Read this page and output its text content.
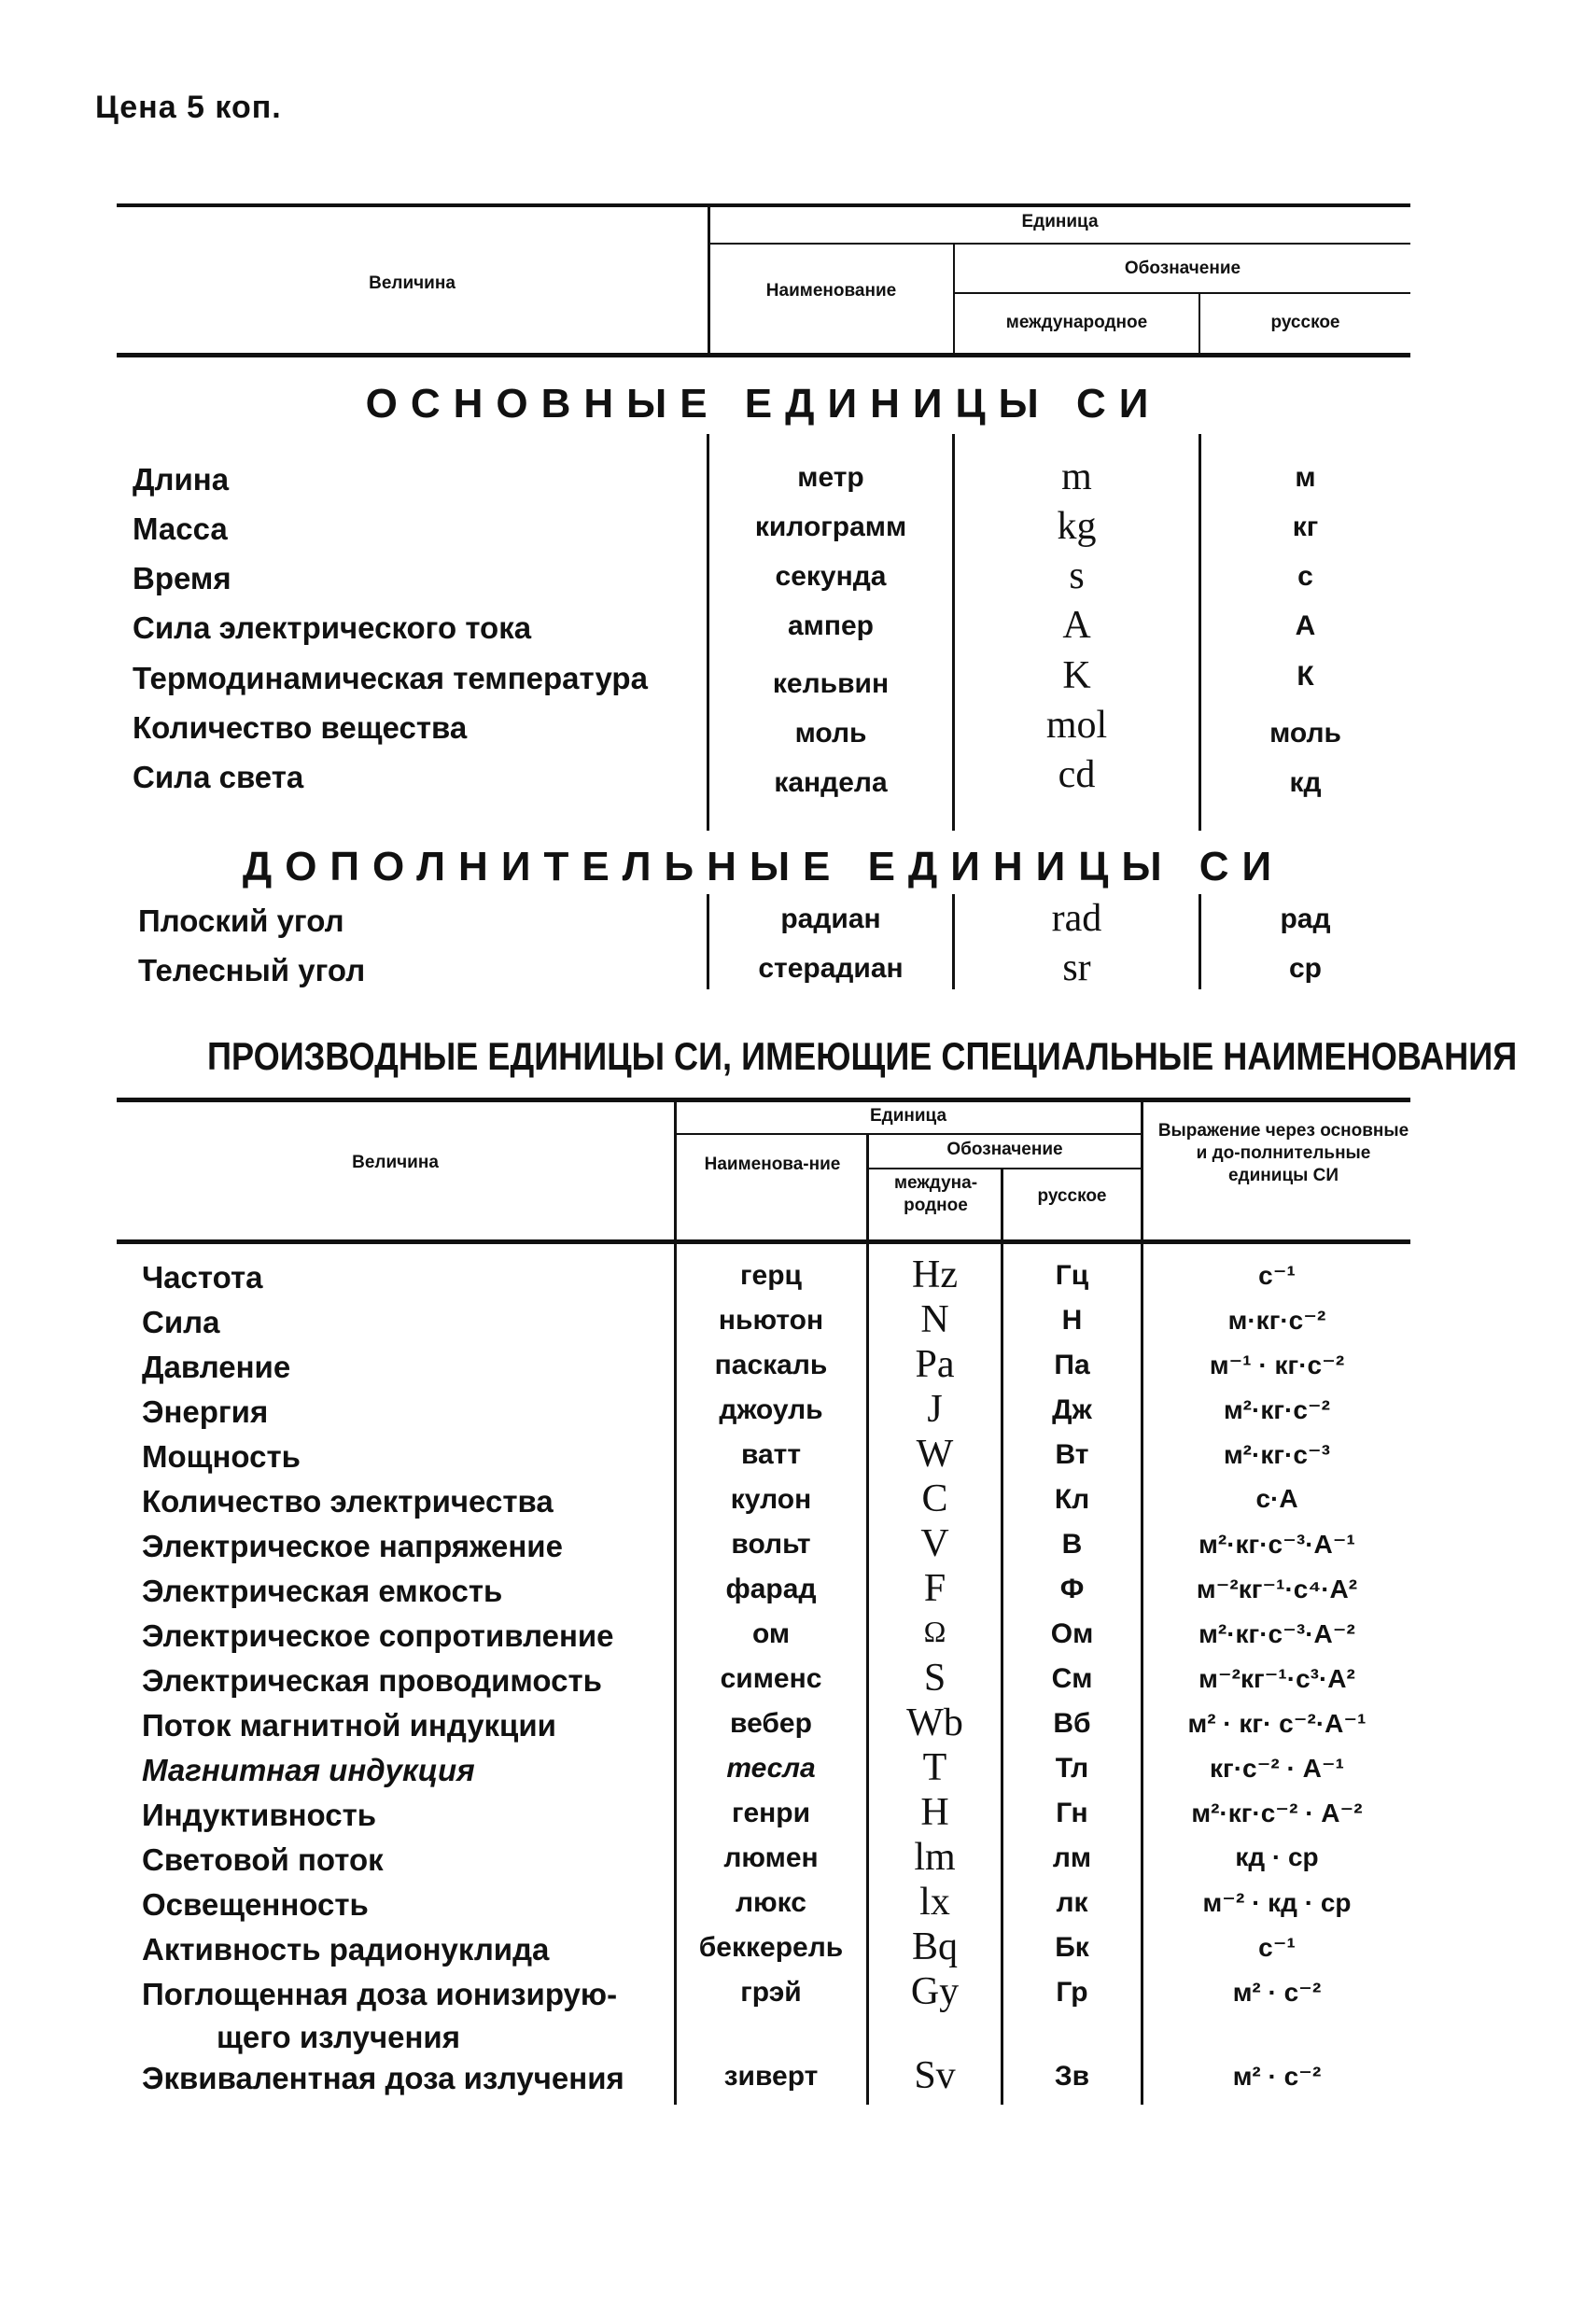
Цена 5 коп.
Величина
Единица
Наименование
Обозначение
международное	русское
ОСНОВНЫЕ ЕДИНИЦЫ СИ
Длина	метр	m	м
Масса	килограмм	kg	кг
Время	секунда	s	с
Сила электрического тока	ампер	A	А
Термодинамическая температура	кельвин	K	К
Количество вещества	моль	mol	моль
Сила света	кандела	cd	кд
ДОПОЛНИТЕЛЬНЫЕ ЕДИНИЦЫ СИ
Плоский угол	радиан	rad	рад
Телесный угол	стерадиан	sr	ср
ПРОИЗВОДНЫЕ ЕДИНИЦЫ СИ, ИМЕЮЩИЕ СПЕЦИАЛЬНЫЕ НАИМЕНОВАНИЯ
Величина
Единица
Наименова-ние
Обозначение
междуна-родное	русское
Выражение через основные и до-полнительные единицы СИ
Частота	герц	Hz	Гц	с⁻¹
Сила	ньютон	N	Н	м·кг·с⁻²
Давление	паскаль	Pa	Па	м⁻¹ · кг·с⁻²
Энергия	джоуль	J	Дж	м²·кг·с⁻²
Мощность	ватт	W	Вт	м²·кг·с⁻³
Количество электричества	кулон	C	Кл	с·А
Электрическое напряжение	вольт	V	В	м²·кг·с⁻³·А⁻¹
Электрическая емкость	фарад	F	Ф	м⁻²кг⁻¹·с⁴·А²
Электрическое сопротивление	ом	Ω	Ом	м²·кг·с⁻³·А⁻²
Электрическая проводимость	сименс	S	См	м⁻²кг⁻¹·с³·А²
Поток магнитной индукции	вебер	Wb	Вб	м² · кг· с⁻²·А⁻¹
Магнитная индукция	тесла	T	Тл	кг·с⁻² · А⁻¹
Индуктивность	генри	H	Гн	м²·кг·с⁻² · А⁻²
Световой поток	люмен	lm	лм	кд · ср
Освещенность	люкс	lx	лк	м⁻² · кд · ср
Активность радионуклида	беккерель	Bq	Бк	с⁻¹
Поглощенная доза ионизирую-
щего излучения
грэй	Gy	Гр	м² · с⁻²
Эквивалентная доза излучения	зиверт	Sv	Зв	м² · с⁻²
